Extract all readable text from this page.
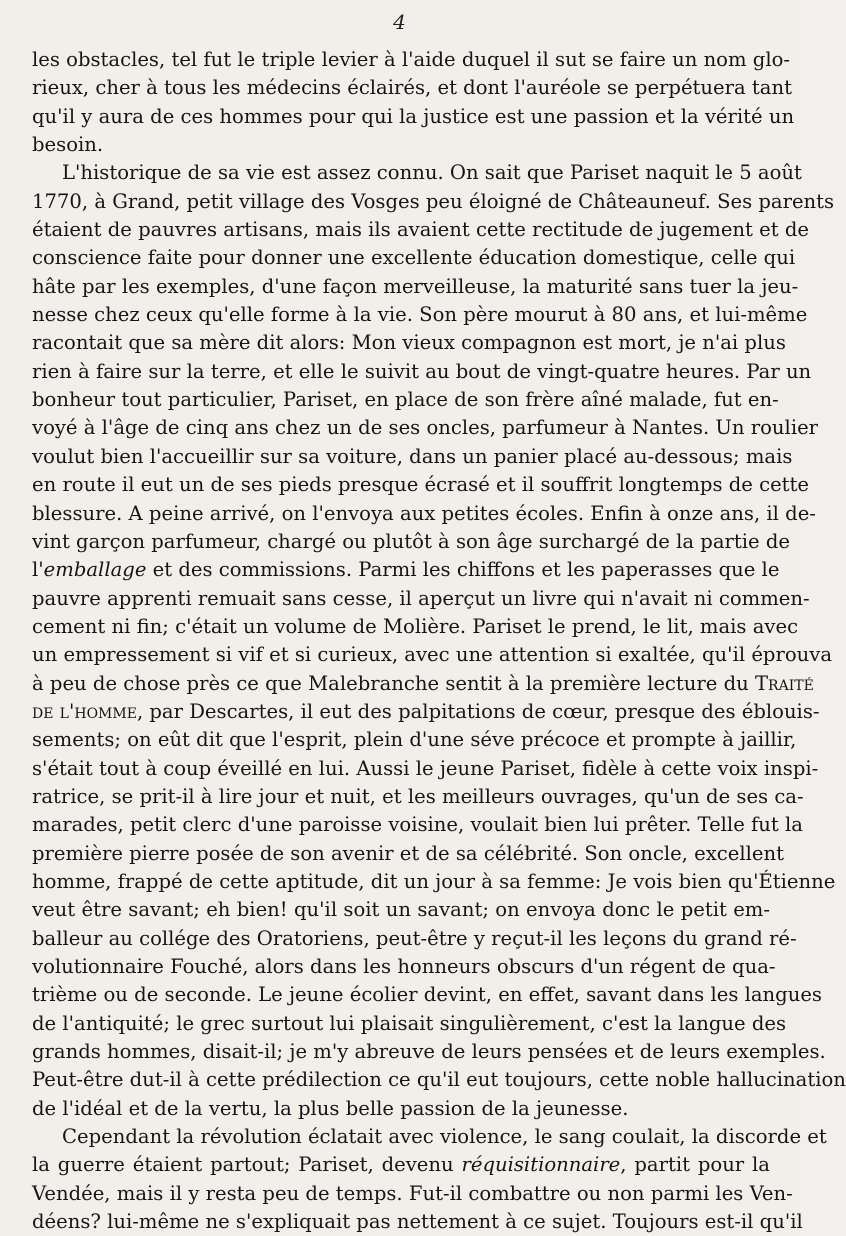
4
les obstacles, tel fut le triple levier à l'aide duquel il sut se faire un nom glo-
rieux, cher à tous les médecins éclairés, et dont l'auréole se perpétuera tant
qu'il y aura de ces hommes pour qui la justice est une passion et la vérité un
besoin.
L'historique de sa vie est assez connu. On sait que Pariset naquit le 5 août
1770, à Grand, petit village des Vosges peu éloigné de Châteauneuf. Ses parents
étaient de pauvres artisans, mais ils avaient cette rectitude de jugement et de
conscience faite pour donner une excellente éducation domestique, celle qui
hâte par les exemples, d'une façon merveilleuse, la maturité sans tuer la jeu-
nesse chez ceux qu'elle forme à la vie. Son père mourut à 80 ans, et lui-même
racontait que sa mère dit alors: Mon vieux compagnon est mort, je n'ai plus
rien à faire sur la terre, et elle le suivit au bout de vingt-quatre heures. Par un
bonheur tout particulier, Pariset, en place de son frère aîné malade, fut en-
voyé à l'âge de cinq ans chez un de ses oncles, parfumeur à Nantes. Un roulier
voulut bien l'accueillir sur sa voiture, dans un panier placé au-dessous; mais
en route il eut un de ses pieds presque écrasé et il souffrit longtemps de cette
blessure. A peine arrivé, on l'envoya aux petites écoles. Enfin à onze ans, il de-
vint garçon parfumeur, chargé ou plutôt à son âge surchargé de la partie de
l'emballage et des commissions. Parmi les chiffons et les paperasses que le
pauvre apprenti remuait sans cesse, il aperçut un livre qui n'avait ni commen-
cement ni fin; c'était un volume de Molière. Pariset le prend, le lit, mais avec
un empressement si vif et si curieux, avec une attention si exaltée, qu'il éprouva
à peu de chose près ce que Malebranche sentit à la première lecture du Traité
de l'homme, par Descartes, il eut des palpitations de cœur, presque des éblouis-
sements; on eût dit que l'esprit, plein d'une séve précoce et prompte à jaillir,
s'était tout à coup éveillé en lui. Aussi le jeune Pariset, fidèle à cette voix inspi-
ratrice, se prit-il à lire jour et nuit, et les meilleurs ouvrages, qu'un de ses ca-
marades, petit clerc d'une paroisse voisine, voulait bien lui prêter. Telle fut la
première pierre posée de son avenir et de sa célébrité. Son oncle, excellent
homme, frappé de cette aptitude, dit un jour à sa femme: Je vois bien qu'Étienne
veut être savant; eh bien! qu'il soit un savant; on envoya donc le petit em-
balleur au collége des Oratoriens, peut-être y reçut-il les leçons du grand ré-
volutionnaire Fouché, alors dans les honneurs obscurs d'un régent de qua-
trième ou de seconde. Le jeune écolier devint, en effet, savant dans les langues
de l'antiquité; le grec surtout lui plaisait singulièrement, c'est la langue des
grands hommes, disait-il; je m'y abreuve de leurs pensées et de leurs exemples.
Peut-être dut-il à cette prédilection ce qu'il eut toujours, cette noble hallucination
de l'idéal et de la vertu, la plus belle passion de la jeunesse.
Cependant la révolution éclatait avec violence, le sang coulait, la discorde et
la guerre étaient partout; Pariset, devenu réquisitionnaire, partit pour la
Vendée, mais il y resta peu de temps. Fut-il combattre ou non parmi les Ven-
déens? lui-même ne s'expliquait pas nettement à ce sujet. Toujours est-il qu'il
